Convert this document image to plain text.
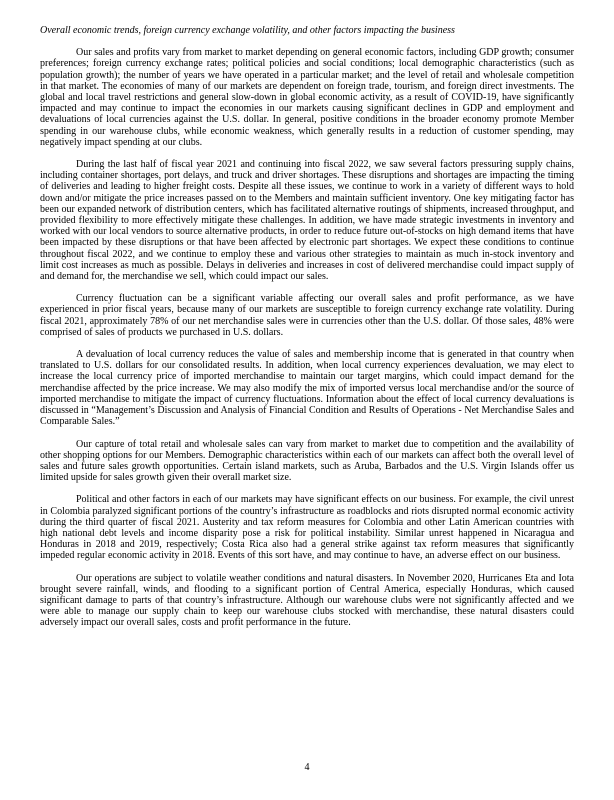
Overall economic trends, foreign currency exchange volatility, and other factors impacting the business
Our sales and profits vary from market to market depending on general economic factors, including GDP growth; consumer preferences; foreign currency exchange rates; political policies and social conditions; local demographic characteristics (such as population growth); the number of years we have operated in a particular market; and the level of retail and wholesale competition in that market. The economies of many of our markets are dependent on foreign trade, tourism, and foreign direct investments. The global and local travel restrictions and general slow-down in global economic activity, as a result of COVID-19, have significantly impacted and may continue to impact the economies in our markets causing significant declines in GDP and employment and devaluations of local currencies against the U.S. dollar. In general, positive conditions in the broader economy promote Member spending in our warehouse clubs, while economic weakness, which generally results in a reduction of customer spending, may negatively impact spending at our clubs.
During the last half of fiscal year 2021 and continuing into fiscal 2022, we saw several factors pressuring supply chains, including container shortages, port delays, and truck and driver shortages. These disruptions and shortages are impacting the timing of deliveries and leading to higher freight costs. Despite all these issues, we continue to work in a variety of different ways to hold down and/or mitigate the price increases passed on to the Members and maintain sufficient inventory. One key mitigating factor has been our expanded network of distribution centers, which has facilitated alternative routings of shipments, increased throughput, and provided flexibility to more effectively mitigate these challenges. In addition, we have made strategic investments in inventory and worked with our local vendors to source alternative products, in order to reduce future out-of-stocks on high demand items that have been impacted by these disruptions or that have been affected by electronic part shortages. We expect these conditions to continue throughout fiscal 2022, and we continue to employ these and various other strategies to maintain as much in-stock inventory and limit cost increases as much as possible. Delays in deliveries and increases in cost of delivered merchandise could impact supply of and demand for, the merchandise we sell, which could impact our sales.
Currency fluctuation can be a significant variable affecting our overall sales and profit performance, as we have experienced in prior fiscal years, because many of our markets are susceptible to foreign currency exchange rate volatility. During fiscal 2021, approximately 78% of our net merchandise sales were in currencies other than the U.S. dollar. Of those sales, 48% were comprised of sales of products we purchased in U.S. dollars.
A devaluation of local currency reduces the value of sales and membership income that is generated in that country when translated to U.S. dollars for our consolidated results. In addition, when local currency experiences devaluation, we may elect to increase the local currency price of imported merchandise to maintain our target margins, which could impact demand for the merchandise affected by the price increase. We may also modify the mix of imported versus local merchandise and/or the source of imported merchandise to mitigate the impact of currency fluctuations. Information about the effect of local currency devaluations is discussed in “Management’s Discussion and Analysis of Financial Condition and Results of Operations - Net Merchandise Sales and Comparable Sales.”
Our capture of total retail and wholesale sales can vary from market to market due to competition and the availability of other shopping options for our Members. Demographic characteristics within each of our markets can affect both the overall level of sales and future sales growth opportunities. Certain island markets, such as Aruba, Barbados and the U.S. Virgin Islands offer us limited upside for sales growth given their overall market size.
Political and other factors in each of our markets may have significant effects on our business. For example, the civil unrest in Colombia paralyzed significant portions of the country’s infrastructure as roadblocks and riots disrupted normal economic activity during the third quarter of fiscal 2021. Austerity and tax reform measures for Colombia and other Latin American countries with high national debt levels and income disparity pose a risk for political instability. Similar unrest happened in Nicaragua and Honduras in 2018 and 2019, respectively; Costa Rica also had a general strike against tax reform measures that significantly impeded regular economic activity in 2018. Events of this sort have, and may continue to have, an adverse effect on our business.
Our operations are subject to volatile weather conditions and natural disasters. In November 2020, Hurricanes Eta and Iota brought severe rainfall, winds, and flooding to a significant portion of Central America, especially Honduras, which caused significant damage to parts of that country’s infrastructure. Although our warehouse clubs were not significantly affected and we were able to manage our supply chain to keep our warehouse clubs stocked with merchandise, these natural disasters could adversely impact our overall sales, costs and profit performance in the future.
4
